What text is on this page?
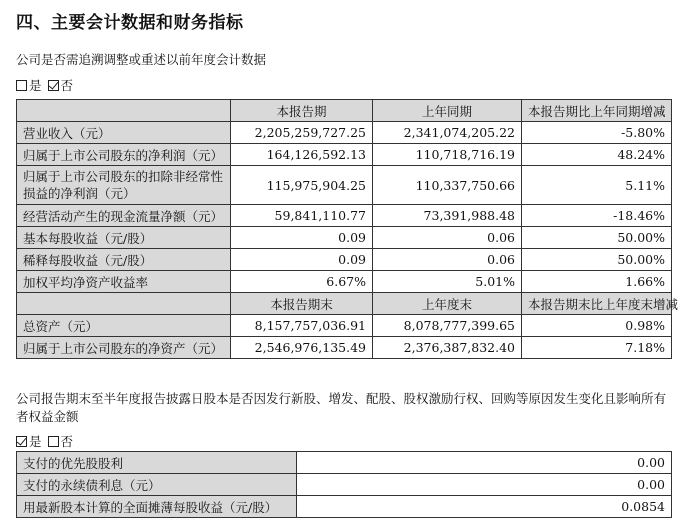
四、主要会计数据和财务指标
公司是否需追溯调整或重述以前年度会计数据
是 否
	本报告期	上年同期	本报告期比上年同期增减
营业收入（元）	2,205,259,727.25	2,341,074,205.22	-5.80%
归属于上市公司股东的净利润（元）	164,126,592.13	110,718,716.19	48.24%
归属于上市公司股东的扣除非经常性损益的净利润（元）	115,975,904.25	110,337,750.66	5.11%
经营活动产生的现金流量净额（元）	59,841,110.77	73,391,988.48	-18.46%
基本每股收益（元/股）	0.09	0.06	50.00%
稀释每股收益（元/股）	0.09	0.06	50.00%
加权平均净资产收益率	6.67%	5.01%	1.66%
	本报告期末	上年度末	本报告期末比上年度末增减
总资产（元）	8,157,757,036.91	8,078,777,399.65	0.98%
归属于上市公司股东的净资产（元）	2,546,976,135.49	2,376,387,832.40	7.18%
公司报告期末至半年度报告披露日股本是否因发行新股、增发、配股、股权激励行权、回购等原因发生变化且影响所有者权益金额
是 否
支付的优先股股利	0.00
支付的永续债利息（元）	0.00
用最新股本计算的全面摊薄每股收益（元/股）	0.0854
